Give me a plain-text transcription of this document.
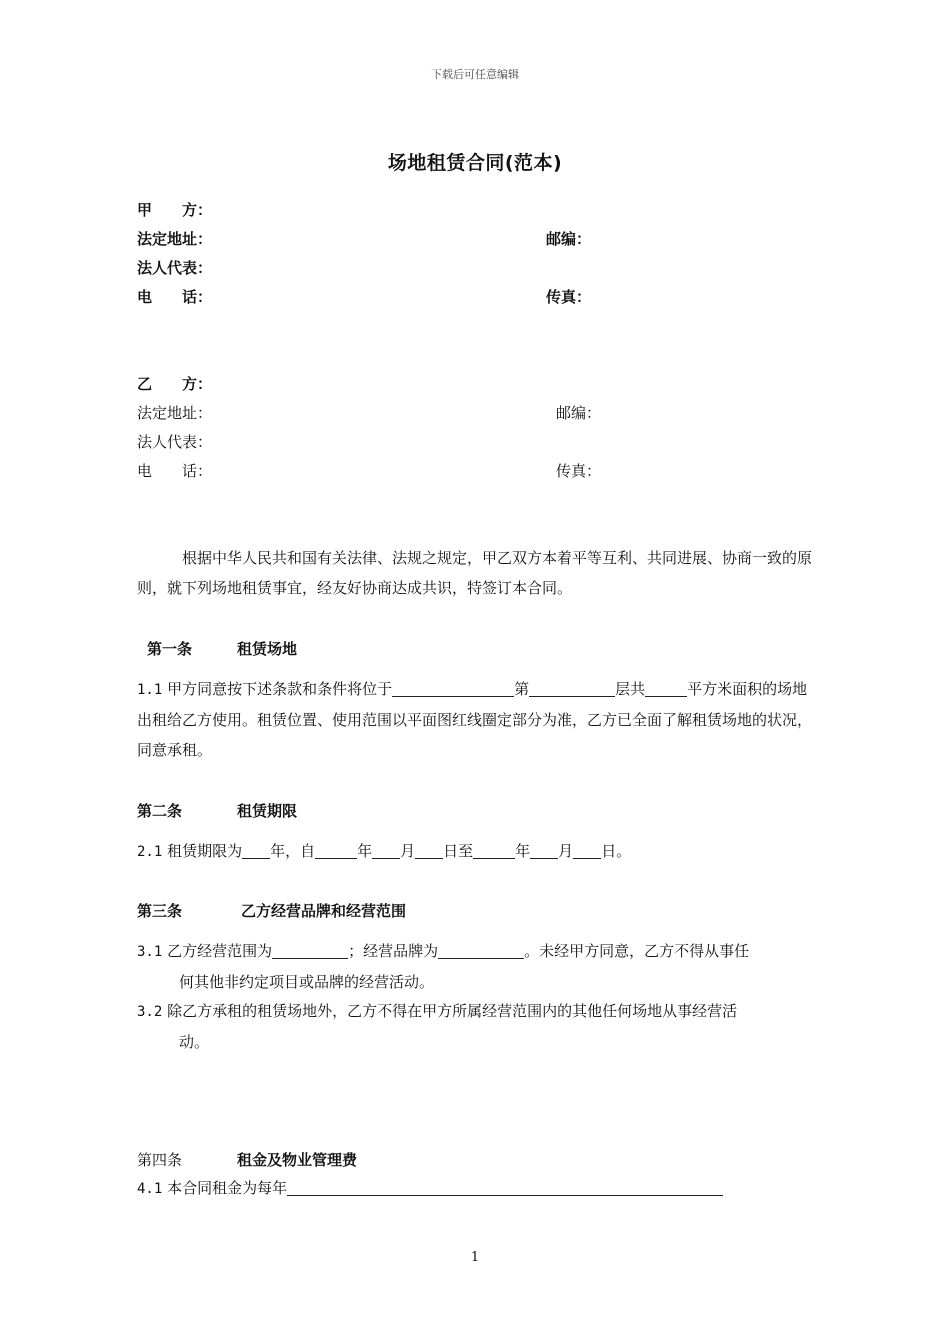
下载后可任意编辑
场地租赁合同(范本)
甲　　方：
法定地址：	邮编：
法人代表：
电　　话：	传真：
乙　　方：
法定地址：	邮编：
法人代表：
电　　话：	传真：

根据中华人民共和国有关法律、法规之规定，甲乙双方本着平等互利、共同进展、协商一致的原则，就下列场地租赁事宜，经友好协商达成共识，特签订本合同。

第一条	租赁场地
1.1 甲方同意按下述条款和条件将位于	第	层共	平方米面积的场地出租给乙方使用。租赁位置、使用范围以平面图红线圈定部分为准，乙方已全面了解租赁场地的状况，同意承租。
第二条	租赁期限
2.1 租赁期限为 年，自	年 月 日至	年 月 日。
第三条	乙方经营品牌和经营范围
3.1 乙方经营范围为	；经营品牌为	。未经甲方同意，乙方不得从事任
何其他非约定项目或品牌的经营活动。
3.2 除乙方承租的租赁场地外，乙方不得在甲方所属经营范围内的其他任何场地从事经营活
动。
第四条	租金及物业管理费
4.1 本合同租金为每年
1
